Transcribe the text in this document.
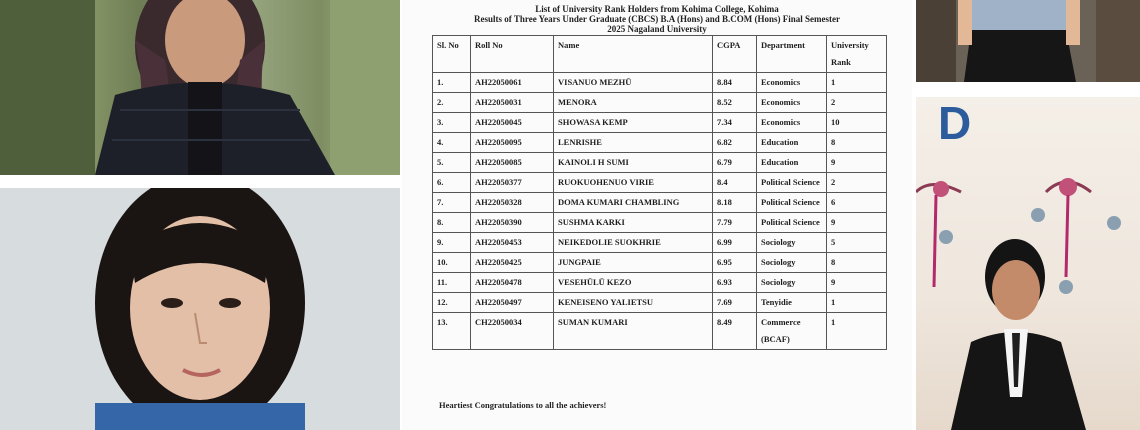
List of University Rank Holders from Kohima College, Kohima
Results of Three Years Under Graduate (CBCS) B.A (Hons) and B.COM (Hons) Final Semester
2025 Nagaland University
Sl. No	Roll No	Name	CGPA	Department	University Rank
1.	AH22050061	VISANUO MEZHŪ	8.84	Economics	1
2.	AH22050031	MENORA	8.52	Economics	2
3.	AH22050045	SHOWASA KEMP	7.34	Economics	10
4.	AH22050095	LENRISHE	6.82	Education	8
5.	AH22050085	KAINOLI H SUMI	6.79	Education	9
6.	AH22050377	RUOKUOHENUO VIRIE	8.4	Political Science	2
7.	AH22050328	DOMA KUMARI CHAMBLING	8.18	Political Science	6
8.	AH22050390	SUSHMA KARKI	7.79	Political Science	9
9.	AH22050453	NEIKEDOLIE SUOKHRIE	6.99	Sociology	5
10.	AH22050425	JUNGPAIE	6.95	Sociology	8
11.	AH22050478	VESEHŪLŪ KEZO	6.93	Sociology	9
12.	AH22050497	KENEISENO YALIETSU	7.69	Tenyidie	1
13.	CH22050034	SUMAN KUMARI	8.49	Commerce (BCAF)	1
Heartiest Congratulations to all the achievers!
D
